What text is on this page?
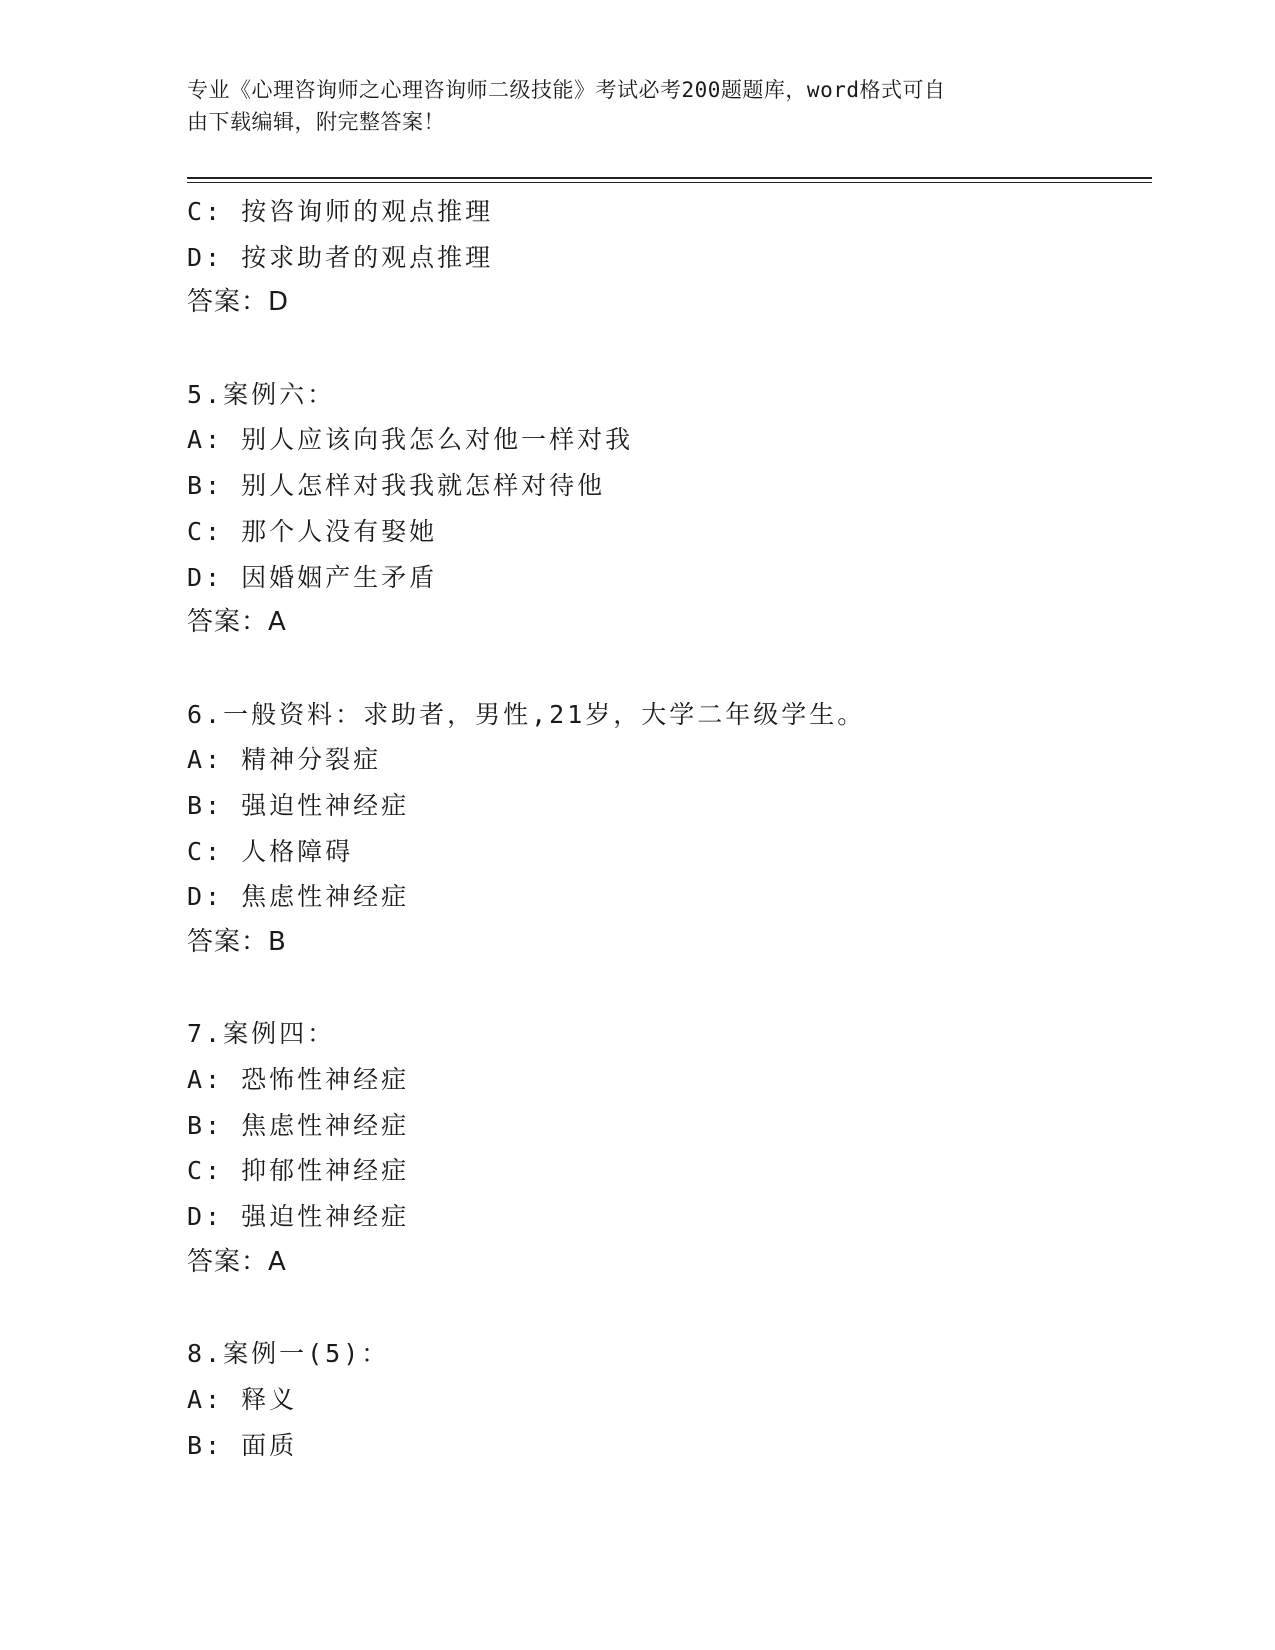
专业《心理咨询师之心理咨询师二级技能》考试必考200题题库，word格式可自
由下载编辑，附完整答案！
C: 按咨询师的观点推理
D: 按求助者的观点推理
答案：D
5.案例六：
A: 别人应该向我怎么对他一样对我
B: 别人怎样对我我就怎样对待他
C: 那个人没有娶她
D: 因婚姻产生矛盾
答案：A
6.一般资料：求助者，男性,21岁，大学二年级学生。
A: 精神分裂症
B: 强迫性神经症
C: 人格障碍
D: 焦虑性神经症
答案：B
7.案例四：
A: 恐怖性神经症
B: 焦虑性神经症
C: 抑郁性神经症
D: 强迫性神经症
答案：A
8.案例一(5)：
A: 释义
B: 面质
